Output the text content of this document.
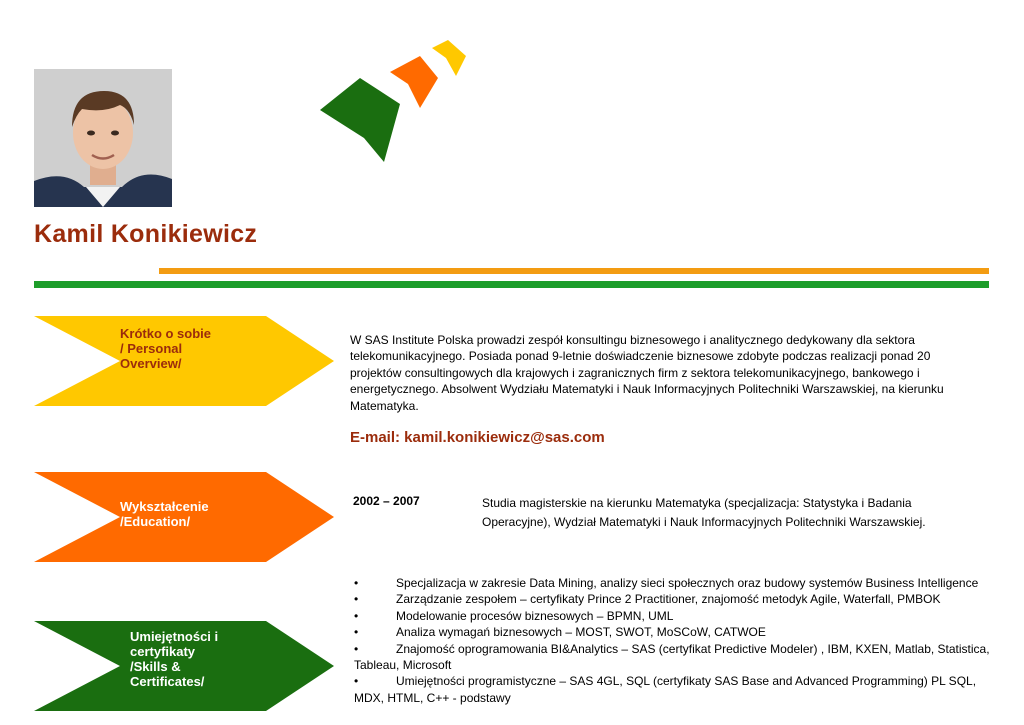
Kamil Konikiewicz
Krótko o sobie
/ Personal
Overview/
W SAS Institute Polska prowadzi zespół konsultingu biznesowego i analitycznego dedykowany dla sektora telekomunikacyjnego. Posiada ponad 9-letnie doświadczenie biznesowe zdobyte podczas realizacji ponad 20 projektów consultingowych dla krajowych i zagranicznych firm z sektora telekomunikacyjnego, bankowego i energetycznego. Absolwent Wydziału Matematyki i Nauk Informacyjnych Politechniki Warszawskiej, na kierunku Matematyka.
E-mail: kamil.konikiewicz@sas.com
Wykształcenie
/Education/
2002 – 2007	Studia magisterskie na kierunku Matematyka (specjalizacja: Statystyka i Badania Operacyjne), Wydział Matematyki i Nauk Informacyjnych Politechniki Warszawskiej.
Umiejętności i
certyfikaty
/Skills &
Certificates/
•	Specjalizacja w zakresie Data Mining, analizy sieci społecznych oraz budowy systemów Business Intelligence
•	Zarządzanie zespołem – certyfikaty Prince 2 Practitioner, znajomość metodyk Agile, Waterfall, PMBOK
•	Modelowanie procesów biznesowych – BPMN, UML
•	Analiza wymagań biznesowych – MOST, SWOT, MoSCoW, CATWOE
•	Znajomość oprogramowania BI&Analytics – SAS (certyfikat Predictive Modeler) , IBM, KXEN, Matlab, Statistica, Tableau, Microsoft
•	Umiejętności programistyczne – SAS 4GL, SQL (certyfikaty SAS Base and Advanced Programming) PL SQL, MDX, HTML, C++ - podstawy
